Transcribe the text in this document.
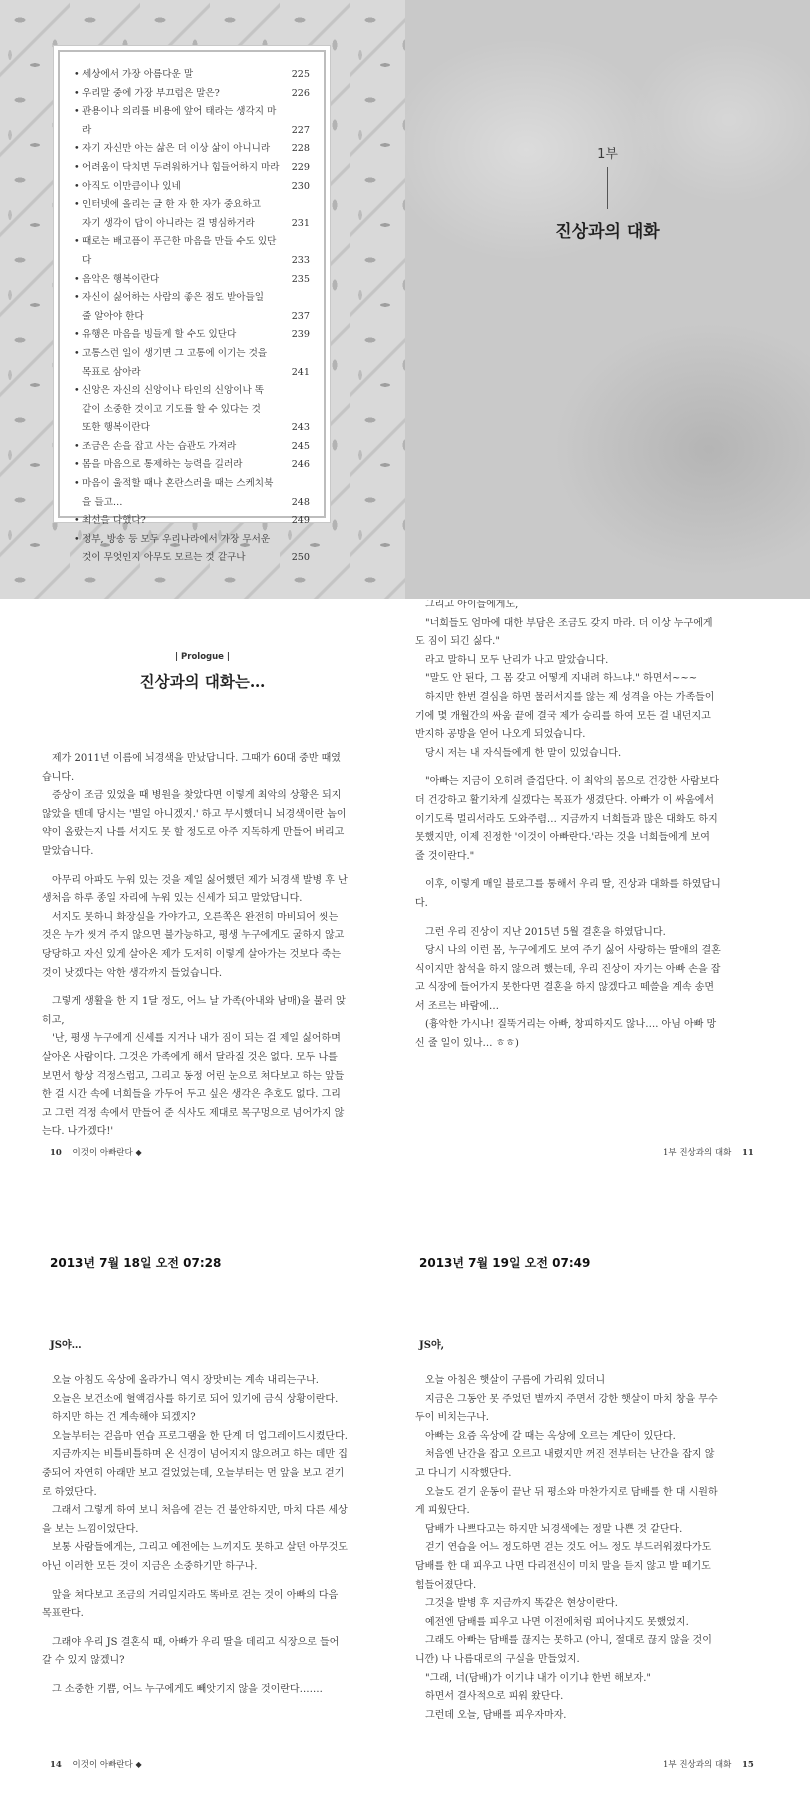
• 세상에서 가장 아름다운 말	225
• 우리말 중에 가장 부끄럽은 말은?	226
• 관용이나 의리를 비용에 앞어 태라는 생각지 마라	227
• 자기 자신만 아는 삶은 더 이상 삶이 아니니라	228
• 어려움이 닥치면 두려워하거나 힘들어하지 마라	229
• 아직도 이만큼이나 있네	230
• 인터넷에 올리는 글 한 자 한 자가 중요하고
자기 생각이 답이 아니라는 걸 명심하거라	231
• 때로는 배고픔이 푸근한 마음을 만들 수도 있단다	233
• 음악은 행복이란다	235
• 자신이 싫어하는 사람의 좋은 점도 받아들일
줄 알아야 한다	237
• 유행은 마음을 빙들게 할 수도 있단다	239
• 고통스런 일이 생기면 그 고통에 이기는 것을
목표로 삼아라	241
• 신앙은 자신의 신앙이나 타인의 신앙이나 똑
같이 소중한 것이고 기도를 할 수 있다는 것
또한 행복이란다	243
• 조금은 손을 잡고 사는 습관도 가져라	245
• 몸을 마음으로 통제하는 능력을 길러라	246
• 마음이 울적할 때나 혼란스러울 때는 스케치북을 들고…	248
• 최선을 다했다?	249
• 정부, 방송 등 모두 우리나라에서 가장 무서운
것이 무엇인지 아무도 모르는 것 같구나	250
1부
진상과의 대화
| Prologue |
진상과의 대화는…

제가 2011년 이름에 뇌경색을 만났답니다. 그때가 60대 중반 때였습니다.

증상이 조금 있었을 때 병원을 찾았다면 이렇게 최악의 상황은 되지 않았을 텐데 당시는 '별일 아니겠지.' 하고 무시했더니 뇌경색이란 놈이 약이 올랐는지 나를 서지도 못 할 정도로 아주 지독하게 만들어 버리고 말았습니다.

아무리 아파도 누워 있는 것을 제일 싫어했던 제가 뇌경색 발병 후 난생처음 하루 종일 자리에 누워 있는 신세가 되고 말았답니다.

서지도 못하니 화장실을 가야가고, 오른쪽은 완전히 마비되어 씻는 것은 누가 씻겨 주지 않으면 불가능하고, 평생 누구에게도 굴하지 않고 당당하고 자신 있게 살아온 제가 도저히 이렇게 살아가는 것보다 죽는 것이 낫겠다는 악한 생각까지 들었습니다.

그렇게 생활을 한 지 1달 정도, 어느 날 가족(아내와 남매)을 불러 앉히고,

'난, 평생 누구에게 신세를 지거나 내가 짐이 되는 걸 제일 싫어하며 살아온 사람이다. 그것은 가족에게 해서 달라질 것은 없다. 모두 나를 보면서 항상 걱정스럽고, 그리고 동정 어린 눈으로 쳐다보고 하는 앞들한 걸 시간 속에 너희들을 가두어 두고 싶은 생각은 추호도 없다. 그리고 그런 걱정 속에서 만들어 준 식사도 제대로 목구멍으로 넘어가지 않는다. 나가겠다!'

10 이것이 아빠란다 ◆

그리고 아이들에게도,

"너희들도 엄마에 대한 부담은 조금도 갖지 마라. 더 이상 누구에게도 짐이 되긴 싫다."

라고 말하니 모두 난리가 나고 말았습니다.

"말도 안 된다, 그 몸 갖고 어떻게 지내려 하느냐." 하면서~~~

하지만 한번 결심을 하면 물러서지를 않는 제 성격을 아는 가족들이기에 몇 개월간의 싸움 끝에 결국 제가 승리를 하여 모든 걸 내던지고 반지하 공방을 얻어 나오게 되었습니다.

당시 저는 내 자식들에게 한 말이 있었습니다.

"아빠는 지금이 오히려 즐겁단다. 이 최악의 몸으로 건강한 사람보다 더 건강하고 활기차게 실겠다는 목표가 생겼단다. 아빠가 이 싸움에서 이기도록 멀리서라도 도와주렴… 지금까지 너희들과 많은 대화도 하지 못했지만, 이제 진정한 '이것이 아빠란다.'라는 것을 너희들에게 보여 줄 것이란다."

이후, 이렇게 매일 블로그를 통해서 우리 딸, 진상과 대화를 하였답니다.

그런 우리 진상이 지난 2015년 5월 결혼을 하였답니다.

당시 나의 이런 몸, 누구에게도 보여 주기 싫어 사랑하는 딸애의 결혼식이지만 참석을 하지 않으려 했는데, 우리 진상이 자기는 아빠 손을 잡고 식장에 들어가지 못한다면 결혼을 하지 않겠다고 떼쓸을 계속 송면서 조르는 바람에…

(흉악한 가시나! 질뚝거리는 아빠, 창피하지도 않나…. 아님 아빠 망신 줄 일이 있나… ㅎㅎ)

1부 진상과의 대화 11
2013년 7월 18일 오전 07:28
JS야…

오늘 아침도 옥상에 올라가니 역시 장맛비는 계속 내리는구나.

오늘은 보건소에 혈액검사를 하기로 되어 있기에 금식 상황이란다.

하지만 하는 건 계속해야 되겠지?

오늘부터는 걷음마 연습 프로그램을 한 단계 더 업그레이드시켰단다.

지금까지는 비틀비틀하며 온 신경이 넘어지지 않으려고 하는 데만 집중되어 자연히 아래만 보고 걸었었는데, 오늘부터는 먼 앞을 보고 걷기로 하였단다.

그래서 그렇게 하여 보니 처음에 걷는 건 불안하지만, 마치 다른 세상을 보는 느낌이었단다.

보통 사람들에게는, 그리고 예전에는 느끼지도 못하고 살던 아무것도 아닌 이러한 모든 것이 지금은 소중하기만 하구나.

앞을 쳐다보고 조금의 거리일지라도 똑바로 걷는 것이 아빠의 다음 목표란다.

그래야 우리 JS 결혼식 때, 아빠가 우리 딸을 데리고 식장으로 들어갈 수 있지 않겠니?

그 소중한 기쁨, 어느 누구에게도 빼앗기지 않을 것이란다…….

14 이것이 아빠란다 ◆
2013년 7월 19일 오전 07:49
JS야,

오늘 아침은 햇살이 구름에 가리워 있더니

지금은 그동안 못 주었던 볕까지 주면서 강한 햇살이 마치 창을 무수두이 비치는구나.

아빠는 요즘 옥상에 갈 때는 옥상에 오르는 계단이 있단다.

처음엔 난간을 잡고 오르고 내렸지만 꺼진 전부터는 난간을 잡지 않고 다니기 시작했단다.

오늘도 걷기 운동이 끝난 뒤 평소와 마찬가지로 담배를 한 대 시원하게 피웠단다.

담배가 나쁘다고는 하지만 뇌경색에는 정말 나쁜 것 같단다.

걷기 연습을 어느 정도하면 걷는 것도 어느 정도 부드러워졌다가도 담배를 한 대 피우고 나면 다리전신이 미치 말을 듣지 않고 발 떼기도 힘들어졌단다.

그것을 발병 후 지금까지 똑같은 현상이란다.

예전엔 담배를 피우고 나면 이전에처럼 피어나지도 못했었지.

그래도 아빠는 담배를 끊지는 못하고 (아니, 절대로 끊지 않을 것이니깐) 나 나름대로의 구실을 만들었지.

"그래, 너(담배)가 이기냐 내가 이기냐 한번 해보자."

하면서 결사적으로 피워 왔단다.

그런데 오늘, 담배를 피우자마자.

1부 진상과의 대화 15
